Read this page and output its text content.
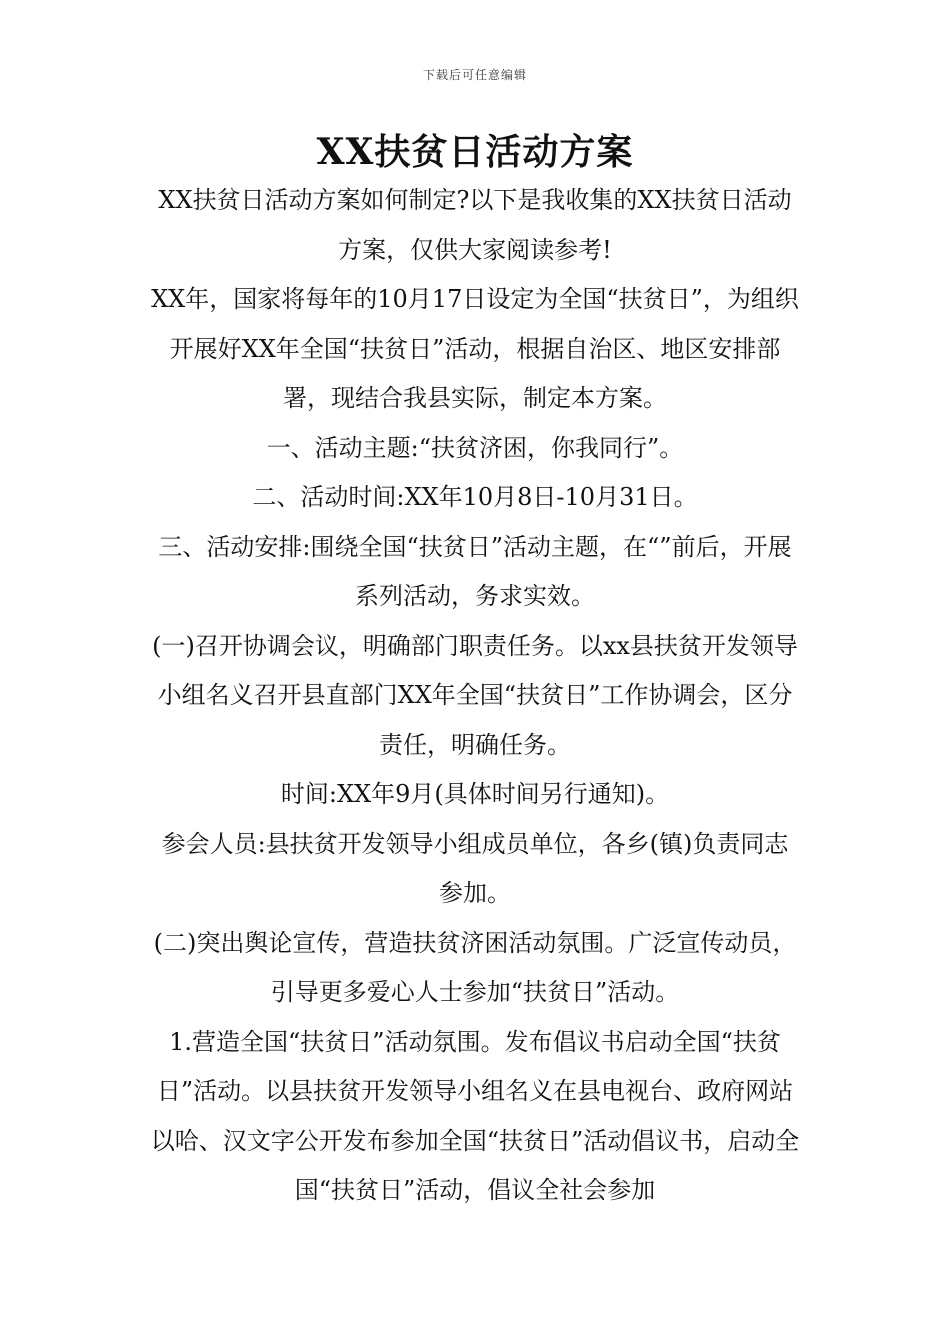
下载后可任意编辑
XX扶贫日活动方案

XX扶贫日活动方案如何制定?以下是我收集的XX扶贫日活动方案，仅供大家阅读参考!

XX年，国家将每年的10月17日设定为全国“扶贫日”，为组织开展好XX年全国“扶贫日”活动，根据自治区、地区安排部署，现结合我县实际，制定本方案。

一、活动主题:“扶贫济困，你我同行”。

二、活动时间:XX年10月8日-10月31日。

三、活动安排:围绕全国“扶贫日”活动主题，在“”前后，开展系列活动，务求实效。

(一)召开协调会议，明确部门职责任务。以xx县扶贫开发领导小组名义召开县直部门XX年全国“扶贫日”工作协调会，区分责任，明确任务。

时间:XX年9月(具体时间另行通知)。

参会人员:县扶贫开发领导小组成员单位，各乡(镇)负责同志参加。

(二)突出舆论宣传，营造扶贫济困活动氛围。广泛宣传动员，引导更多爱心人士参加“扶贫日”活动。

1.营造全国“扶贫日”活动氛围。发布倡议书启动全国“扶贫日”活动。以县扶贫开发领导小组名义在县电视台、政府网站以哈、汉文字公开发布参加全国“扶贫日”活动倡议书，启动全国“扶贫日”活动，倡议全社会参加
